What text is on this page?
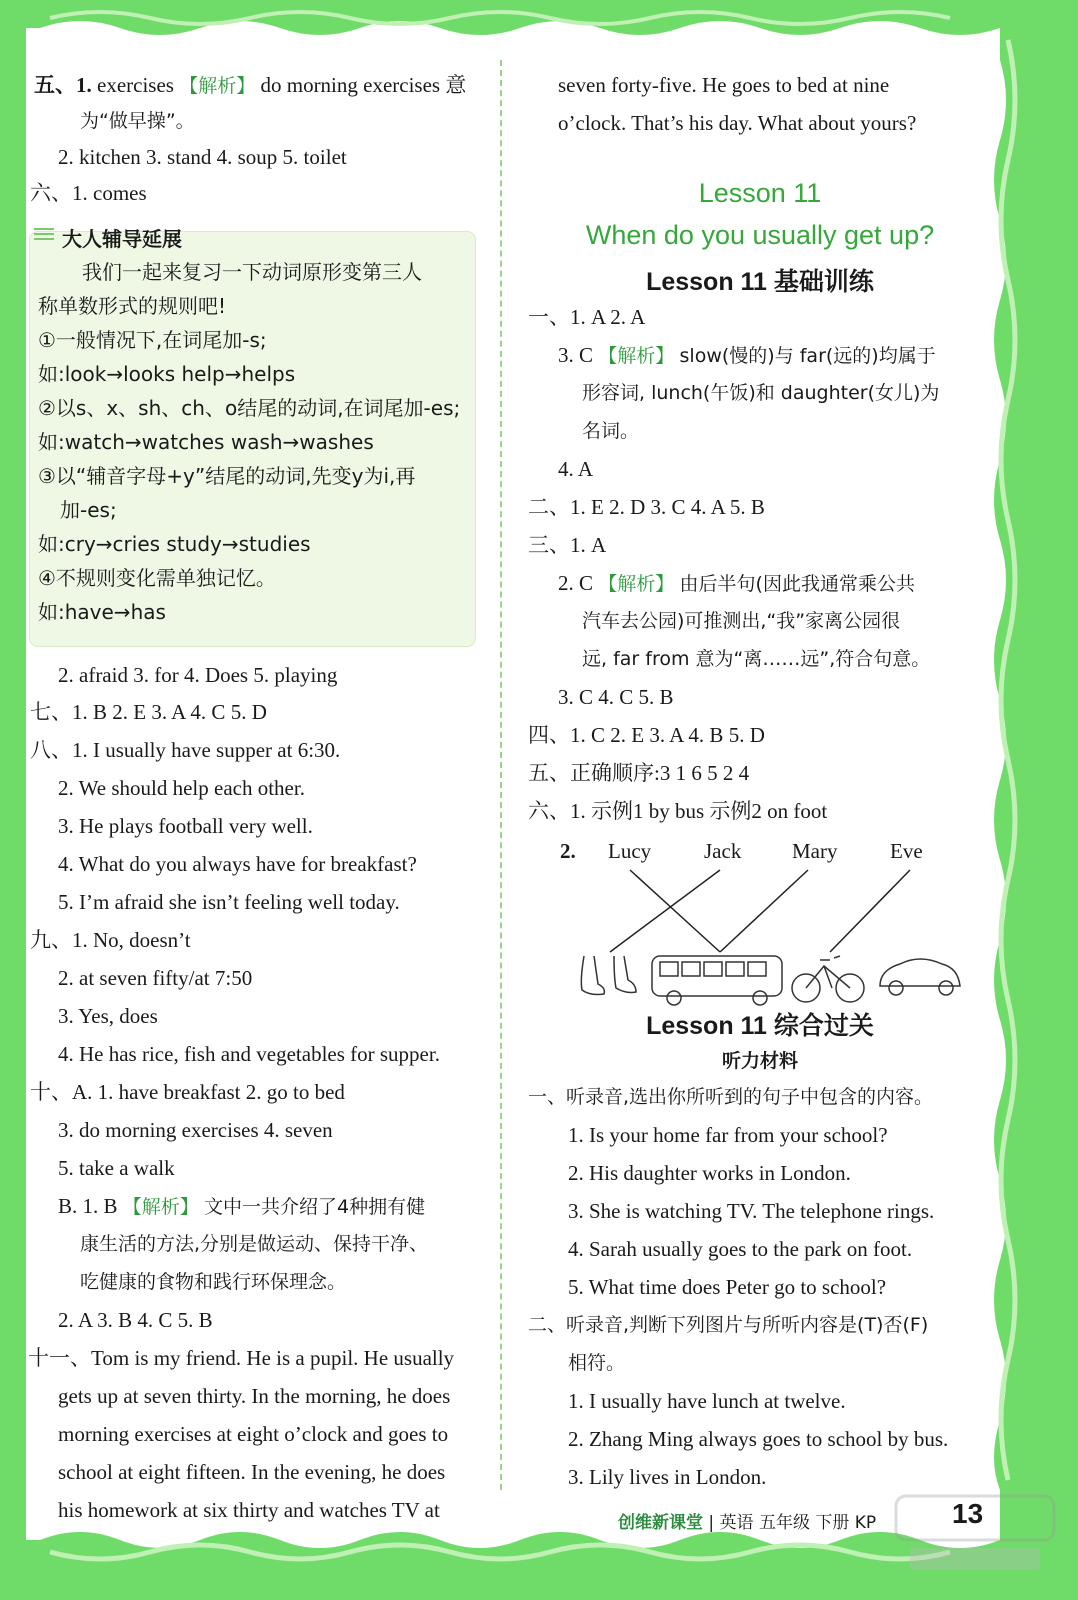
五、1. exercises 【解析】 do morning exercises 意
为“做早操”。
2. kitchen 3. stand 4. soup 5. toilet
六、1. comes
大人辅导延展
我们一起来复习一下动词原形变第三人
称单数形式的规则吧!
①一般情况下,在词尾加-s;
如:look→looks help→helps
②以s、x、sh、ch、o结尾的动词,在词尾加-es;
如:watch→watches wash→washes
③以“辅音字母+y”结尾的动词,先变y为i,再
加-es;
如:cry→cries study→studies
④不规则变化需单独记忆。
如:have→has
2. afraid 3. for 4. Does 5. playing
七、1. B 2. E 3. A 4. C 5. D
八、1. I usually have supper at 6:30.
2. We should help each other.
3. He plays football very well.
4. What do you always have for breakfast?
5. I’m afraid she isn’t feeling well today.
九、1. No, doesn’t
2. at seven fifty/at 7:50
3. Yes, does
4. He has rice, fish and vegetables for supper.
十、A. 1. have breakfast 2. go to bed
3. do morning exercises 4. seven
5. take a walk
B. 1. B 【解析】 文中一共介绍了4种拥有健
康生活的方法,分别是做运动、保持干净、
吃健康的食物和践行环保理念。
2. A 3. B 4. C 5. B
十一、Tom is my friend. He is a pupil. He usually
gets up at seven thirty. In the morning, he does
morning exercises at eight o’clock and goes to
school at eight fifteen. In the evening, he does
his homework at six thirty and watches TV at
seven forty-five. He goes to bed at nine
o’clock. That’s his day. What about yours?
Lesson 11
When do you usually get up?
Lesson 11 基础训练
一、1. A 2. A
3. C 【解析】 slow(慢的)与 far(远的)均属于
形容词, lunch(午饭)和 daughter(女儿)为
名词。
4. A
二、1. E 2. D 3. C 4. A 5. B
三、1. A
2. C 【解析】 由后半句(因此我通常乘公共
汽车去公园)可推测出,“我”家离公园很
远, far from 意为“离……远”,符合句意。
3. C 4. C 5. B
四、1. C 2. E 3. A 4. B 5. D
五、正确顺序:3 1 6 5 2 4
六、1. 示例1 by bus 示例2 on foot
2. Lucy	Jack Mary	Eve
Lesson 11 综合过关
听力材料
一、听录音,选出你所听到的句子中包含的内容。
1. Is your home far from your school?
2. His daughter works in London.
3. She is watching TV. The telephone rings.
4. Sarah usually goes to the park on foot.
5. What time does Peter go to school?
二、听录音,判断下列图片与所听内容是(T)否(F)
相符。
1. I usually have lunch at twelve.
2. Zhang Ming always goes to school by bus.
3. Lily lives in London.
创维新课堂 | 英语 五年级 下册 KP	13
